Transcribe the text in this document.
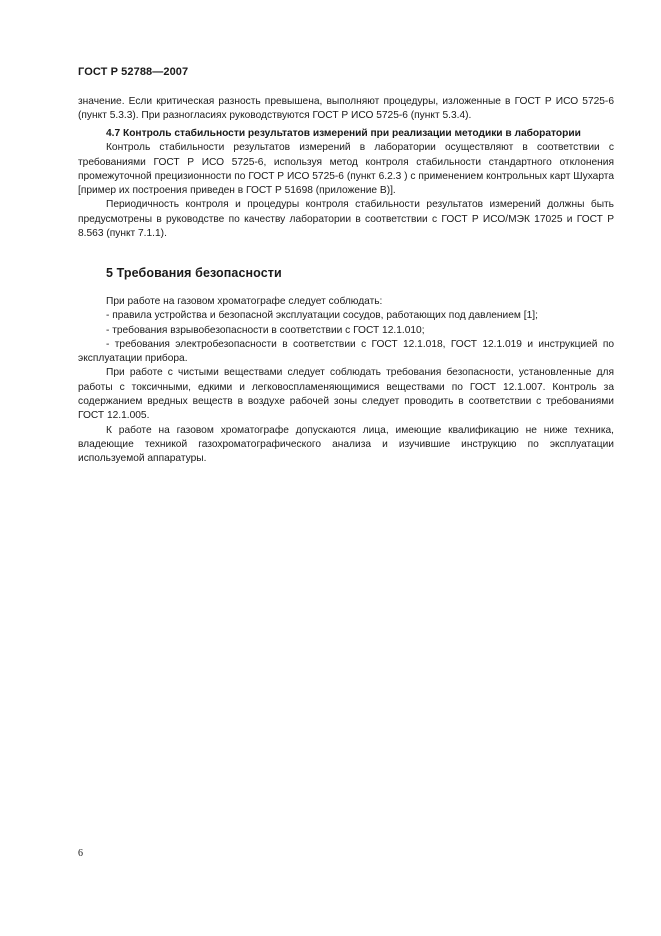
ГОСТ Р 52788—2007

значение. Если критическая разность превышена, выполняют процедуры, изложенные в ГОСТ Р ИСО 5725-6 (пункт 5.3.3). При разногласиях руководствуются ГОСТ Р ИСО 5725-6 (пункт 5.3.4).

4.7 Контроль стабильности результатов измерений при реализации методики в лаборатории

Контроль стабильности результатов измерений в лаборатории осуществляют в соответствии с требованиями ГОСТ Р ИСО 5725-6, используя метод контроля стабильности стандартного отклонения промежуточной прецизионности по ГОСТ Р ИСО 5725-6 (пункт 6.2.3 ) с применением контрольных карт Шухарта [пример их построения приведен в ГОСТ Р 51698 (приложение В)].

Периодичность контроля и процедуры контроля стабильности результатов измерений должны быть предусмотрены в руководстве по качеству лаборатории в соответствии с ГОСТ Р ИСО/МЭК 17025 и ГОСТ Р 8.563 (пункт 7.1.1).

5 Требования безопасности

При работе на газовом хроматографе следует соблюдать:

- правила устройства и безопасной эксплуатации сосудов, работающих под давлением [1];

- требования взрывобезопасности в соответствии с ГОСТ 12.1.010;

- требования электробезопасности в соответствии с ГОСТ 12.1.018, ГОСТ 12.1.019 и инструкцией по эксплуатации прибора.

При работе с чистыми веществами следует соблюдать требования безопасности, установленные для работы с токсичными, едкими и легковоспламеняющимися веществами по ГОСТ 12.1.007. Контроль за содержанием вредных веществ в воздухе рабочей зоны следует проводить в соответствии с требованиями ГОСТ 12.1.005.

К работе на газовом хроматографе допускаются лица, имеющие квалификацию не ниже техника, владеющие техникой газохроматографического анализа и изучившие инструкцию по эксплуатации используемой аппаратуры.

6
